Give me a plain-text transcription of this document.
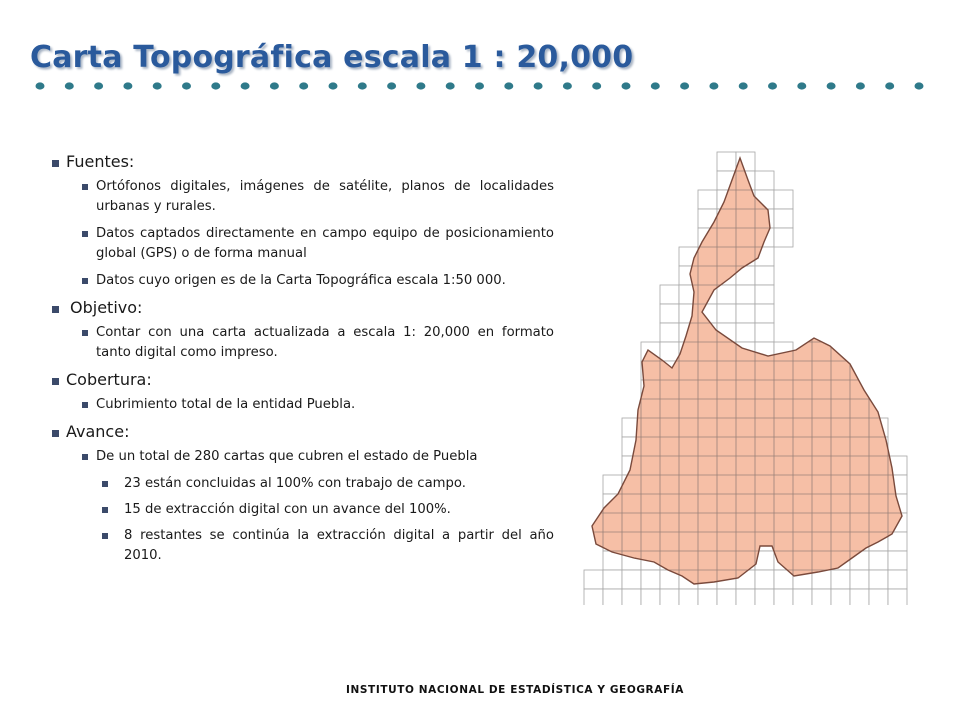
Carta Topográfica escala 1 : 20,000
Fuentes:
Ortófonos digitales, imágenes de satélite, planos de localidades urbanas y rurales.
Datos captados directamente en campo equipo de posicionamiento global (GPS) o de forma manual
Datos cuyo origen es de la Carta Topográfica escala 1:50 000.
Objetivo:
Contar con una carta actualizada a escala 1: 20,000 en formato tanto digital como impreso.
Cobertura:
Cubrimiento total de la entidad Puebla.
Avance:
De un total de 280 cartas que cubren el estado de Puebla
23 están concluidas al 100% con trabajo de campo.
15 de extracción digital con un avance del 100%.
8 restantes se continúa la extracción digital a partir del año 2010.
INSTITUTO NACIONAL DE ESTADÍSTICA Y GEOGRAFÍA
